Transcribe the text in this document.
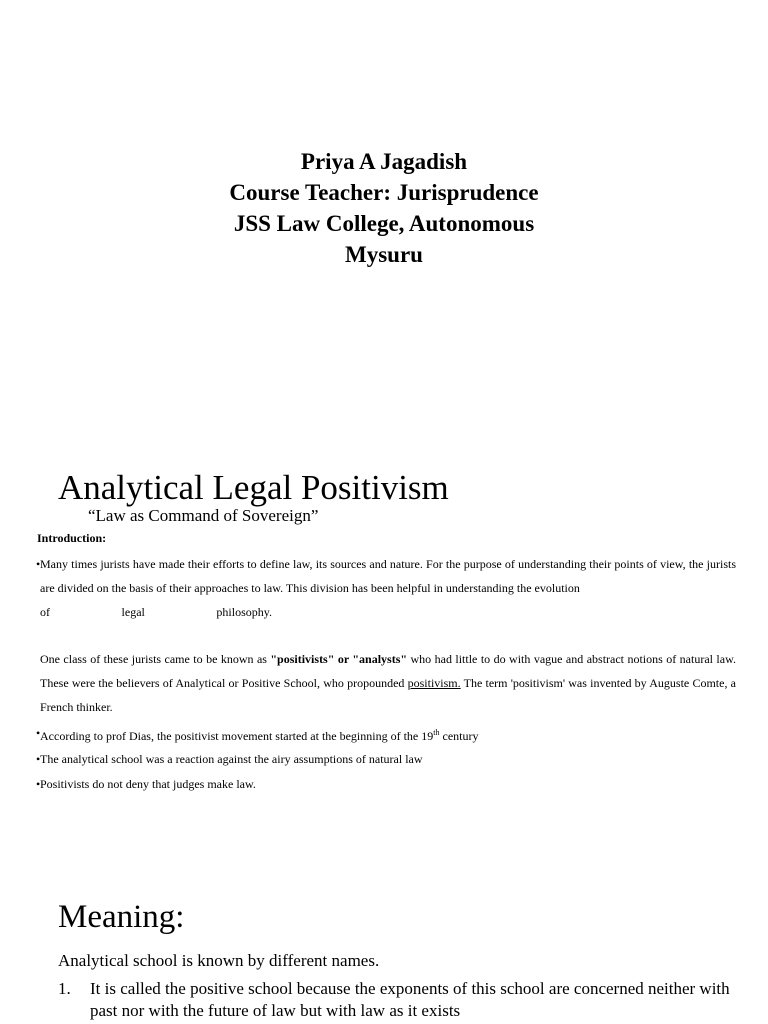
Priya A Jagadish
Course Teacher: Jurisprudence
JSS Law College, Autonomous
Mysuru
Analytical Legal Positivism
“Law as Command of Sovereign”
Introduction:
• Many times jurists have made their efforts to define law, its sources and nature. For the purpose of understanding their points of view, the jurists are divided on the basis of their approaches to law. This division has been helpful in understanding the evolution
of	legal	philosophy.
One class of these jurists came to be known as "positivists" or "analysts" who had little to do with vague and abstract notions of natural law. These were the believers of Analytical or Positive School, who propounded positivism. The term 'positivism' was invented by Auguste Comte, a French thinker.
• According to prof Dias, the positivist movement started at the beginning of the 19th century
• The analytical school was a reaction against the airy assumptions of natural law
• Positivists do not deny that judges make law.
Meaning:
Analytical school is known by different names.
1. It is called the positive school because the exponents of this school are concerned neither with past nor with the future of law but with law as it exists
